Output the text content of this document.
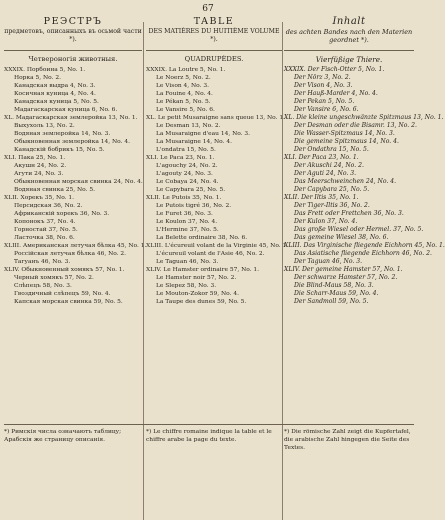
67
РЕЭСТРЪ
предметовъ, описанныхъ въ осьмой части *).
Четвероногія животныя.
XXXIX. Порбоина 5, No. 1.
Норка 5, No. 2.
Канадская выдра 4, No. 3.
Косичная куница 4, No. 4.
Канадская куница 5, No. 5.
Мадагаскарская куница 6, No. 6.
XL. Мадагаскарская землеройка 13, No. 1.
Выхухоль 13, No. 2.
Водяная землеройка 14, No. 3.
Обыкновенная землеройка 14, No. 4.
Канадскій бобрикъ 15, No. 5.
XLI. Пака 25, No. 1.
Акушн 24, No. 2.
Агути 24, No. 3.
Обыкновенная морская свинка 24, No. 4.
Водяная свинка 25, No. 5.
XLII. Хорекъ 35, No. 1.
Персидская 36, No. 2.
Африканскій хорекъ 36, No. 3.
Копонокъ 37, No. 4.
Горностай 37, No. 5.
Ласточка 38, No. 6.
XLIII. Американская летучая бѣлка 45, No. 1.
Россійская летучая бѣлка 46, No. 2.
Тагуанъ 46, No. 3.
XLIV. Обыкновенный хомякъ 57, No. 1.
Черный хомякъ 57, No. 2.
Слѣпецъ 58, No. 3.
Гвоздичный слѣпецъ 59, No. 4.
Капская морская свинка 59, No. 5.
TABLE
DES MATIÈRES DU HUITIÈME VOLUME *).
QUADRUPÈDES.
XXXIX. La Loutre 5, No. 1.
Le Noerz 5, No. 2.
Le Vison 4, No. 3.
La Fouine 4, No. 4.
Le Pékan 5, No. 5.
Le Vansire 5, No. 6.
XL. Le petit Musaraigne sans queue 13, No. 1.
Le Desman 13, No. 2.
La Musaraigne d'eau 14, No. 3.
La Musaraigne 14, No. 4.
L'ondatra 15, No. 5.
XLI. Le Paca 23, No. 1.
L'agouchy 24, No. 2.
L'agouty 24, No. 3.
Le Cobaya 24, No. 4.
Le Capybara 25, No. 5.
XLII. Le Putois 35, No. 1.
Le Putois tigré 36, No. 2.
Le Furet 36, No. 3.
Le Koulon 37, No. 4.
L'Hermine 37, No. 5.
La Belette ordinaire 38, No. 6.
XLIII. L'écureuil volant de la Virginie 45, No. 1.
L'écureuil volant de l'Asie 46, No. 2.
Le Taguan 46, No. 3.
XLIV. Le Hamster ordinaire 57, No. 1.
Le Hamster noir 57, No. 2.
Le Slepez 58, No. 3.
Le Mouton-Zokor 59, No. 4.
La Taupe des dunes 59, No. 5.
Inhalt
des achten Bandes nach den Materien geordnet *).
Vierfüßige Thiere.
XXXIX. Der Fisch-Otter 5, No. 1.
Der Nörz 3, No. 2.
Der Vison 4, No. 3.
Der Hauß-Marder 4, No. 4.
Der Pekan 5, No. 5.
Der Vansire 6, No. 6.
XL. Die kleine ungeschwänzte Spitzmaus 13, No. 1.
Der Desman oder die Bisamr. 13, No. 2.
Die Wasser-Spitzmaus 14, No. 3.
Die gemeine Spitzmaus 14, No. 4.
Der Ondathra 15, No. 5.
XLI. Der Paca 23, No. 1.
Der Akuschi 24, No. 2.
Der Aguti 24, No. 3.
Das Meerschweinchen 24, No. 4.
Der Capybara 25, No. 5.
XLII. Der Iltis 35, No. 1.
Der Tiger-Iltis 36, No. 2.
Das Frett oder Frettchen 36, No. 3.
Der Kulon 37, No. 4.
Das große Wiesel oder Hermel. 37, No. 5.
Das gemeine Wiesel 38, No. 6.
XLIII. Das Virginische fliegende Eichhorn 45, No. 1.
Das Asiatische fliegende Eichhorn 46, No. 2.
Der Taguan 46, No. 3.
XLIV. Der gemeine Hamster 57, No. 1.
Der schwarze Hamster 57, No. 2.
Die Blind-Maus 58, No. 3.
Die Scharr-Maus 59, No. 4.
Der Sandmoll 59, No. 5.
*) Римскія числа означаютъ таблицу; Арабскія же страницу описанія.
*) Le chiffre romaine indique la table et le chiffre arabe la page du texte.
*) Die römische Zahl zeigt die Kupfertafel, die arabische Zahl hingegen die Seite des Textes.
